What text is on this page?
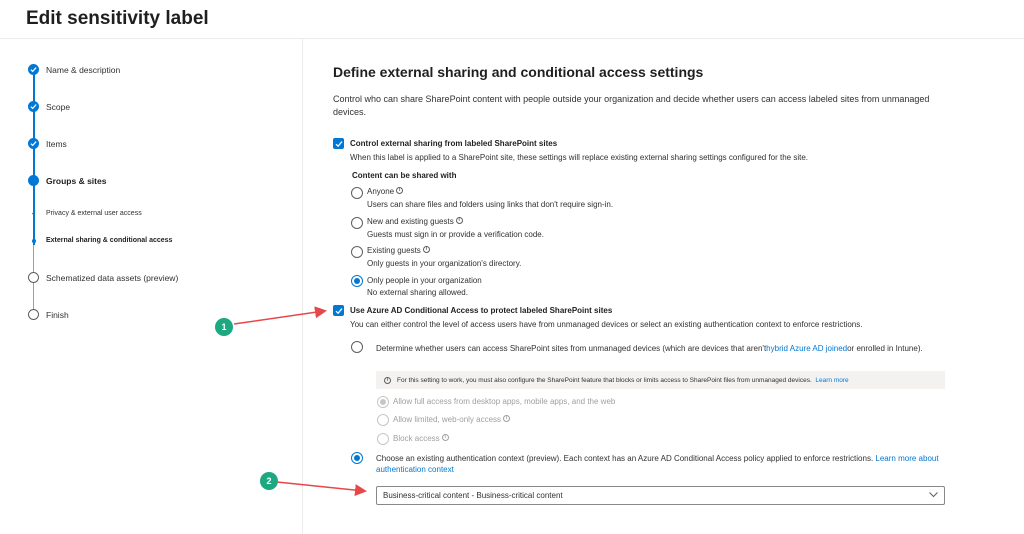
Edit sensitivity label
Name & description
Scope
Items
Groups & sites
✓ Privacy & external user access
External sharing & conditional access
Schematized data assets (preview)
Finish
Define external sharing and conditional access settings
Control who can share SharePoint content with people outside your organization and decide whether users can access labeled sites from unmanaged devices.
Control external sharing from labeled SharePoint sites
When this label is applied to a SharePoint site, these settings will replace existing external sharing settings configured for the site.
Content can be shared with
Anyone i
Users can share files and folders using links that don't require sign-in.
New and existing guests i
Guests must sign in or provide a verification code.
Existing guests i
Only guests in your organization's directory.
Only people in your organization
No external sharing allowed.
Use Azure AD Conditional Access to protect labeled SharePoint sites
You can either control the level of access users have from unmanaged devices or select an existing authentication context to enforce restrictions.
Determine whether users can access SharePoint sites from unmanaged devices (which are devices that aren'thybrid Azure AD joinedor enrolled in Intune).
i	For this setting to work, you must also configure the SharePoint feature that blocks or limits access to SharePoint files from unmanaged devices.
Learn more
Allow full access from desktop apps, mobile apps, and the web
Allow limited, web-only access i
Block access i
Choose an existing authentication context (preview). Each context has an Azure AD Conditional Access policy applied to enforce restrictions. Learn more about authentication context
Business-critical content - Business-critical content
1
2
